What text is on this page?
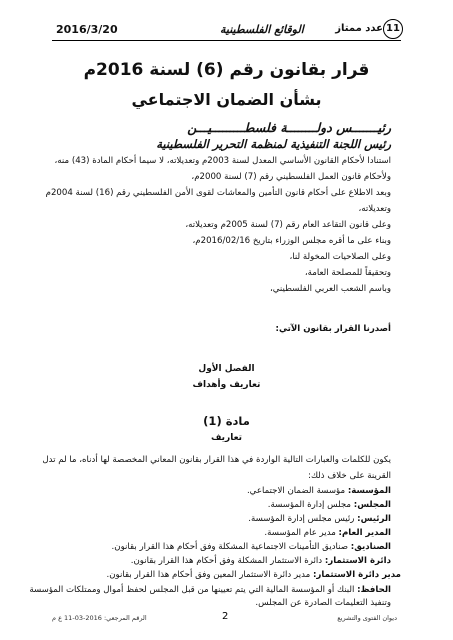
11
عدد ممتاز
الوقائع الفلسطينية
2016/3/20
قرار بقانون رقم (6) لسنة 2016م
بشأن الضمان الاجتماعي
رئيـــــــس دولــــــــة فلسطـــــــــيـــن
رئيس اللجنة التنفيذية لمنظمة التحرير الفلسطينية
استنادا لأحكام القانون الأساسي المعدل لسنة 2003م وتعديلاته، لا سيما أحكام المادة (43) منه،
ولأحكام قانون العمل الفلسطيني رقم (7) لسنة 2000م،
وبعد الاطلاع على أحكام قانون التأمين والمعاشات لقوى الأمن الفلسطيني رقم (16) لسنة 2004م
وتعديلاته،
وعلى قانون التقاعد العام رقم (7) لسنة 2005م وتعديلاته،
وبناء على ما أقره مجلس الوزراء بتاريخ 2016/02/16م،
وعلى الصلاحيات المخولة لنا،
وتحقيقاً للمصلحة العامة،
وباسم الشعب العربي الفلسطيني،
أصدرنا القرار بقانون الآتي:
الفصل الأول
تعاريف وأهداف
مادة (1)
تعاريف
يكون للكلمات والعبارات التالية الواردة في هذا القرار بقانون المعاني المخصصة لها أدناه، ما لم تدل
القرينة على خلاف ذلك:
المؤسسة: مؤسسة الضمان الاجتماعي.
المجلس: مجلس إدارة المؤسسة.
الرئيس: رئيس مجلس إدارة المؤسسة.
المدير العام: مدير عام المؤسسة.
الصناديق: صناديق التأمينات الاجتماعية المشكلة وفق أحكام هذا القرار بقانون.
دائرة الاستثمار: دائرة الاستثمار المشكلة وفق أحكام هذا القرار بقانون.
مدير دائرة الاستثمار: مدير دائرة الاستثمار المعين وفق أحكام هذا القرار بقانون.
الحافظ: البنك أو المؤسسة المالية التي يتم تعيينها من قبل المجلس لحفظ أموال وممتلكات المؤسسة
وتنفيذ التعليمات الصادرة عن المجلس.
ديوان الفتوى والتشريع
2
الرقم المرجعي: 2016-03-11 ع م
